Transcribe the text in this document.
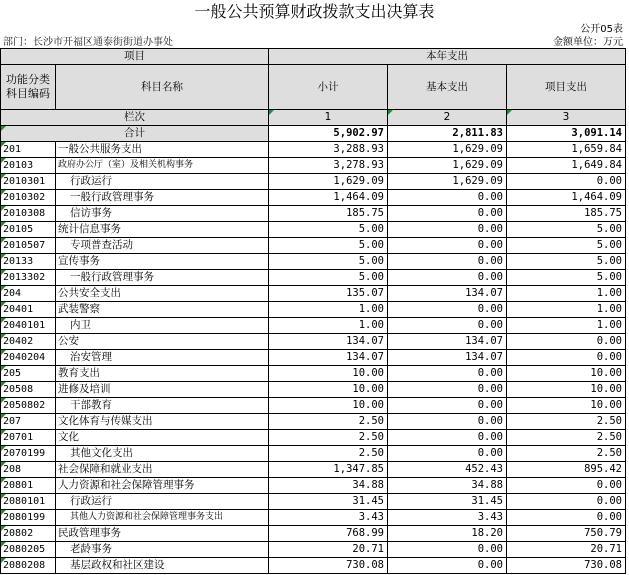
一般公共预算财政拨款支出决算表
公开05表
部门：长沙市开福区通泰街街道办事处	金额单位：万元
项目		本年支出		
功能分类科目编码	科目名称	小计	基本支出	项目支出
栏次		1	2	3
合计		5,902.97	2,811.83	3,091.14
201	一般公共服务支出	3,288.93	1,629.09	1,659.84
20103	政府办公厅（室）及相关机构事务	3,278.93	1,629.09	1,649.84
2010301	行政运行	1,629.09	1,629.09	0.00
2010302	一般行政管理事务	1,464.09	0.00	1,464.09
2010308	信访事务	185.75	0.00	185.75
20105	统计信息事务	5.00	0.00	5.00
2010507	专项普查活动	5.00	0.00	5.00
20133	宣传事务	5.00	0.00	5.00
2013302	一般行政管理事务	5.00	0.00	5.00
204	公共安全支出	135.07	134.07	1.00
20401	武装警察	1.00	0.00	1.00
2040101	内卫	1.00	0.00	1.00
20402	公安	134.07	134.07	0.00
2040204	治安管理	134.07	134.07	0.00
205	教育支出	10.00	0.00	10.00
20508	进修及培训	10.00	0.00	10.00
2050802	干部教育	10.00	0.00	10.00
207	文化体育与传媒支出	2.50	0.00	2.50
20701	文化	2.50	0.00	2.50
2070199	其他文化支出	2.50	0.00	2.50
208	社会保障和就业支出	1,347.85	452.43	895.42
20801	人力资源和社会保障管理事务	34.88	34.88	0.00
2080101	行政运行	31.45	31.45	0.00
2080199	其他人力资源和社会保障管理事务支出	3.43	3.43	0.00
20802	民政管理事务	768.99	18.20	750.79
2080205	老龄事务	20.71	0.00	20.71
2080208	基层政权和社区建设	730.08	0.00	730.08
